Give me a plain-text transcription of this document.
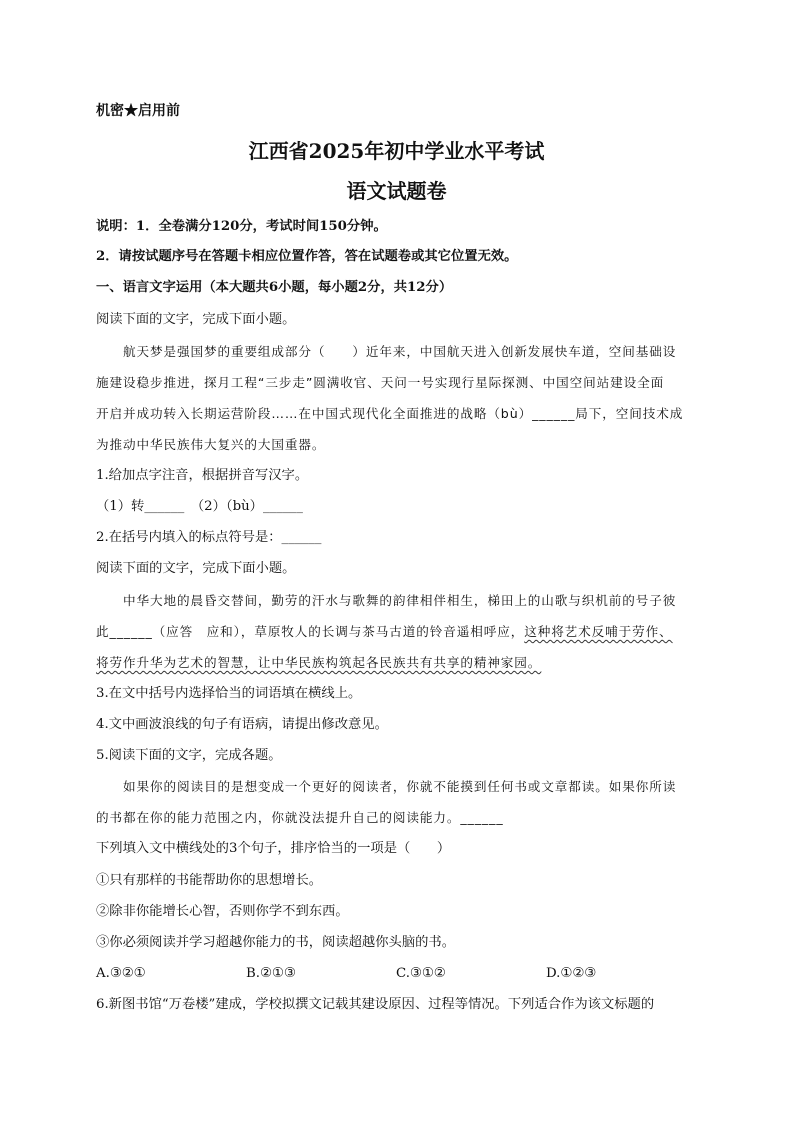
机密★启用前
江西省2025年初中学业水平考试
语文试题卷
说明：1．全卷满分120分，考试时间150分钟。
2．请按试题序号在答题卡相应位置作答，答在试题卷或其它位置无效。
一、语言文字运用（本大题共6小题，每小题2分，共12分）
阅读下面的文字，完成下面小题。
航天梦是强国梦的重要组成部分（　　）近年来，中国航天进入创新发展快车道，空间基础设
施建设稳步推进，探月工程“三步走”圆满收官、天问一号实现行星际探测、中国空间站建设全面
开启并成功转入长期运营阶段……在中国式现代化全面推进的战略（bù）______局下，空间技术成
为推动中华民族伟大复兴的大国重器。
1.给加点字注音，根据拼音写汉字。
（1）转______　（2）（bù）______
2.在括号内填入的标点符号是：______
阅读下面的文字，完成下面小题。
中华大地的晨昏交替间，勤劳的汗水与歌舞的韵律相伴相生，梯田上的山歌与织机前的号子彼
此______（应答　应和），草原牧人的长调与茶马古道的铃音遥相呼应，这种将艺术反哺于劳作、
将劳作升华为艺术的智慧，让中华民族构筑起各民族共有共享的精神家园。
3.在文中括号内选择恰当的词语填在横线上。
4.文中画波浪线的句子有语病，请提出修改意见。
5.阅读下面的文字，完成各题。
如果你的阅读目的是想变成一个更好的阅读者，你就不能摸到任何书或文章都读。如果你所读
的书都在你的能力范围之内，你就没法提升自己的阅读能力。______
下列填入文中横线处的3个句子，排序恰当的一项是（　　）
①只有那样的书能帮助你的思想增长。
②除非你能增长心智，否则你学不到东西。
③你必须阅读并学习超越你能力的书，阅读超越你头脑的书。
A.③②①	B.②①③	C.③①②	D.①②③
6.新图书馆“万卷楼”建成，学校拟撰文记载其建设原因、过程等情况。下列适合作为该文标题的
